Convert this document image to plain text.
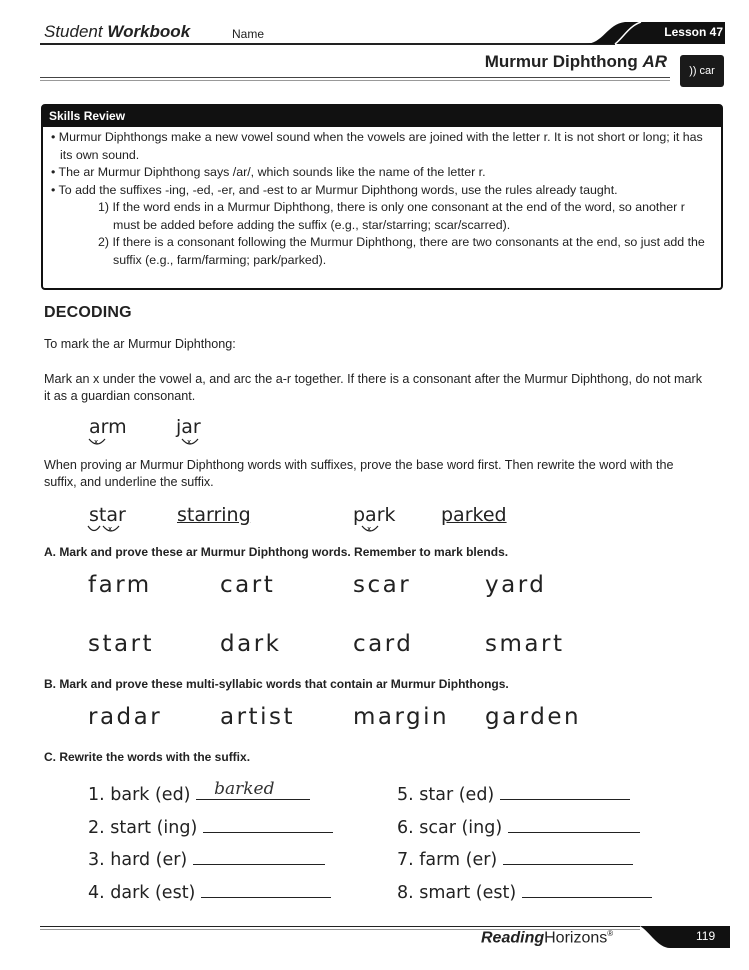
Student Workbook	Name	Lesson 47
Murmur Diphthong AR )) car
Skills Review

• Murmur Diphthongs make a new vowel sound when the vowels are joined with the letter r. It is not short or long; it has its own sound.

• The ar Murmur Diphthong says /ar/, which sounds like the name of the letter r.

• To add the suffixes -ing, -ed, -er, and -est to ar Murmur Diphthong words, use the rules already taught.

1) If the word ends in a Murmur Diphthong, there is only one consonant at the end of the word, so another r must be added before adding the suffix (e.g., star/starring; scar/scarred).

2) If there is a consonant following the Murmur Diphthong, there are two consonants at the end, so just add the suffix (e.g., farm/farming; park/parked).

DECODING
To mark the ar Murmur Diphthong:
Mark an x under the vowel a, and arc the a-r together. If there is a consonant after the Murmur Diphthong, do not mark it as a guardian consonant.
arm	jar
x	x
When proving ar Murmur Diphthong words with suffixes, prove the base word first. Then rewrite the word with the suffix, and underline the suffix.
star	starring	park parked
x	x
A. Mark and prove these ar Murmur Diphthong words. Remember to mark blends.
farm	cart	scar	yard
start	dark	card	smart
B. Mark and prove these multi-syllabic words that contain ar Murmur Diphthongs.
radar	artist	margin garden
C. Rewrite the words with the suffix.
1. bark (ed) barked
2. start (ing)
3. hard (er)
4. dark (est)
5. star (ed)
6. scar (ing)
7. farm (er)
8. smart (est)
ReadingHorizons®	119
